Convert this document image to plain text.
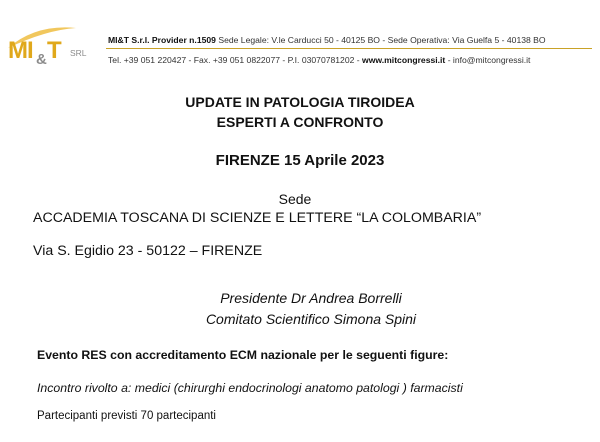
MI & T SRL
MI&T S.r.l. Provider n.1509 Sede Legale: V.le Carducci 50 - 40125 BO - Sede Operativa: Via Guelfa 5 - 40138 BO
Tel. +39 051 220427 - Fax. +39 051 0822077 - P.I. 03070781202 - www.mitcongressi.it - info@mitcongressi.it
UPDATE IN PATOLOGIA TIROIDEA
ESPERTI A CONFRONTO
FIRENZE 15 Aprile 2023
Sede
ACCADEMIA TOSCANA DI SCIENZE E LETTERE “LA COLOMBARIA”
Via S. Egidio 23 - 50122 – FIRENZE
Presidente Dr Andrea Borrelli
Comitato Scientifico Simona Spini
Evento RES con accreditamento ECM nazionale per le seguenti figure:
Incontro rivolto a: medici (chirurghi endocrinologi anatomo patologi ) farmacisti
Partecipanti previsti 70 partecipanti
